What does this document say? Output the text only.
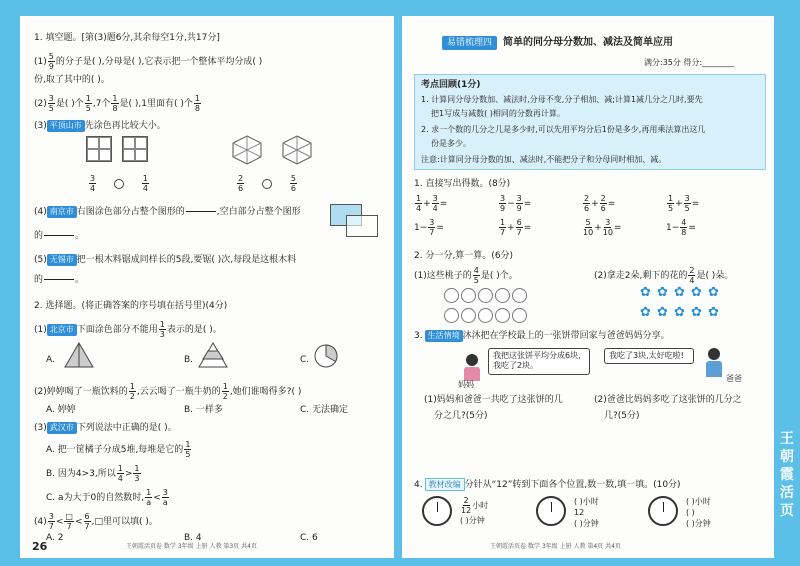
1. 填空题。[第(3)题6分,其余每空1分,共17分]
$(1) \frac{5}{9}$ 的分子是( ),分母是( ),它表示把一个整体平均分成( )
份,取了其中的( )。
$(2) \frac{3}{5}$ 是( )个 $\frac{1}{5} ,7$个 $\frac{1}{8}$ 是( ),1里面有( )个 $\frac{1}{8}$
(3) 平顶山市 先涂色再比较大小。
$\frac{3}{4}$
	$\frac{1}{4}$	$\frac{2}{6}$
	$\frac{5}{6}$
(4) 南京市 右图涂色部分占整个图形的	,空白部分占整个图形
的	。
(5) 无锡市 把一根木料锯成同样长的5段,要锯( )次,每段是这根木料
的	。
2. 选择题。(将正确答案的序号填在括号里)(4分)
(1) 北京市 下面涂色部分不能用 $\frac{1}{3}$ 表示的是( )。
A.	B.	C.
(2)婷婷喝了一瓶饮料的 $\frac{1}{2}$ ,云云喝了一瓶牛奶的 $\frac{1}{2}$ ,她们谁喝得多?( )
A. 婷婷	B. 一样多	C. 无法确定
(3) 武汉市 下列说法中正确的是( )。
A. 把一筐橘子分成5堆,每堆是它的 $\frac{1}{5}$
B. 因为4>3,所以 $\frac{1}{4} > \frac{1}{3}$
C. a为大于0的自然数时, $\frac{1}{a} < \frac{3}{a}$
$(4) \frac{3}{7} < \frac{□}{7} < \frac{6}{7}$ ,□里可以填( )。
A. 2	B. 4	C. 6
26	王朝霞活页卷 数学 3年级 上册 人教 第3页 共4页
易错梳理四	简单的同分母分数加、减法及简单应用
满分:35分 得分:________
考点回顾(1分)
1. 计算同分母分数加、减法时,分母不变,分子相加、减;计算1减几分之几时,要先
把1写成与减数( )相同的分数再计算。
2. 求一个数的几分之几是多少时,可以先用平均分后1份是多少,再用乘法算出这几
份是多少。
注意:计算同分母分数的加、减法时,不能把分子和分母同时相加、减。
1. 直接写出得数。(8分)
$\frac{1}{4} + \frac{3}{4}$ =	$\frac{3}{9} - \frac{3}{9}$ =	$\frac{2}{6} + \frac{2}{6}$ =	$\frac{1}{5} + \frac{3}{5}$ =
$1- \frac{3}{7}$ =	$\frac{1}{7} + \frac{6}{7}$ =	$\frac{5}{10} + \frac{3}{10}$ =	$1- \frac{4}{8}$ =
2. 分一分,算一算。(6分)
(1)这些桃子的 $\frac{4}{5}$ 是( )个。	(2)拿走2朵,剩下的花的 $\frac{2}{4}$ 是( )朵。
✿ ✿ ✿ ✿ ✿
✿ ✿ ✿ ✿ ✿
3. 生活情境 沐沐把在学校最上的一张饼带回家与爸爸妈妈分享。
妈妈
我把这张饼平均分成6块,我吃了2块。
我吃了3块,太好吃啦!
爸爸
(1)妈妈和爸爸一共吃了这张饼的几
分之几?(5分)
(2)爸爸比妈妈多吃了这张饼的几分之
几?(5分)
4. 教材改编 分针从“12”转到下面各个位置,数一数,填一填。(10分)
$\frac{2}{12}$ 小时
( )分钟
( )小时
12
( )分钟
( )小时
( )
( )分钟
王朝霞活页卷 数学 3年级 上册 人教 第4页 共4页
王朝霞活页
